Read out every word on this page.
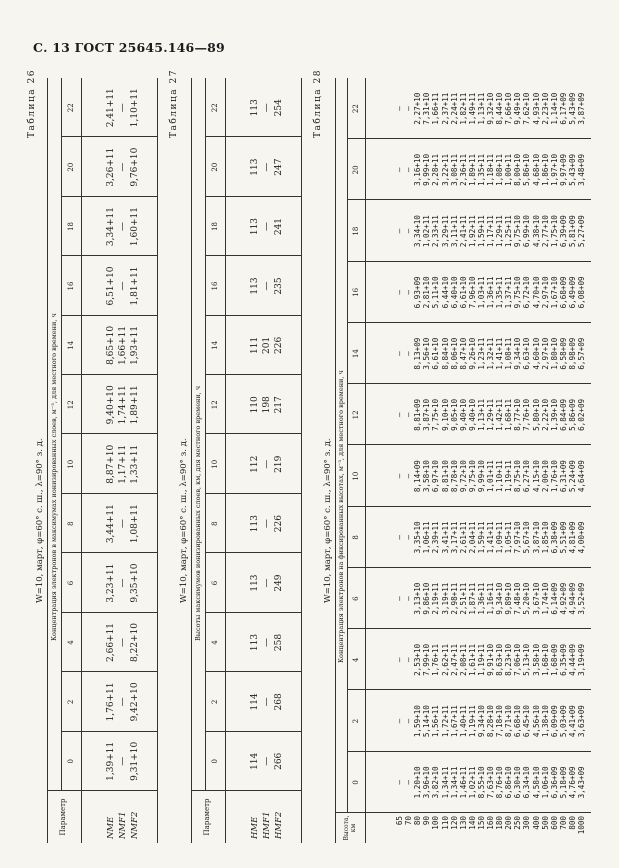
С. 13 ГОСТ 25645.146—89
Таблица 26
W=10, март, φ=60° с. ш., λ=90° з. д. Концентрация электронов в максимумах ионизированных слоев, м⁻³, для местного времени, ч
Параметр
0
2
4
6
8
10
12
14
16
18
20
22
NME
1,39+11
1,76+11
2,66+11
3,23+11
3,44+11
8,87+10
9,40+10
8,65+10
6,51+10
3,34+11
3,26+11
2,41+11
NMF1
—
—
—
—
—
1,17+11
1,74+11
1,66+11
—
—
—
—
NMF2
9,31+10
9,42+10
8,22+10
9,35+10
1,08+11
1,33+11
1,89+11
1,93+11
1,81+11
1,60+11
9,76+10
1,10+11	Таблица 27
W=10, март, φ=60° с. ш., λ=90° з. д. Высоты максимумов ионизированных слоев, км, для местного времени, ч
Параметр
0
2
4
6
8
10
12
14
16
18
20
22
HME
114
114
113
113
113
112
110
111
113
113
113
113
HMF1
—
—
—
—
—
—
198
201
—
—
—
—
HMF2
266
268
258
249
226
219
217
226
235
241
247
254	Таблица 28
W=10, март, φ=60° с. ш., λ=90° з. д. Концентрация электронов на фиксированных высотах, м⁻³, для местного времени, ч
Высота, км
0
2
4
6
8
10
12
14
16
18
20
22
65 70 80 90 100 110 120 130 140 150 160 180 200 250 300 400 500 600 700 800 1000
— — 1,20+10 3,96+10 3,82+10 1,34+11 1,34+11 1,46+11 1,02+11 8,55+10 7,63+10 8,76+10 6,86+10 6,30+10 6,34+10 4,58+10 1,06+10 6,36+09 5,18+09 4,76+09 3,43+09
— — 1,59+10 5,14+10 1,56+11 1,72+11 1,67+11 1,40+11 1,19+11 9,34+10 8,28+10 7,18+10 8,71+10 6,68+10 6,45+10 4,56+10 1,38+10 6,09+09 5,03+09 4,41+09 3,63+09
— — 2,53+10 7,99+10 1,76+11 2,62+11 2,47+11 2,08+11 1,61+11 1,19+11 9,91+10 8,63+10 8,23+10 7,06+10 5,13+10 3,58+10 1,68+10 1,68+09 6,35+09 4,44+09 3,19+09
— — 3,13+10 9,86+10 2,19+11 3,19+11 2,98+11 2,51+11 1,87+11 1,36+11 1,16+11 9,34+10 9,89+10 7,48+10 5,20+10 3,67+10 1,74+10 6,14+09 4,92+09 4,94+09 3,52+09
— — 3,35+10 1,06+11 2,39+11 3,41+11 3,17+11 2,61+11 2,04+11 1,59+11 1,41+11 1,09+11 1,05+11 7,97+10 5,67+10 3,87+10 1,85+10 6,38+09 5,51+09 4,81+09 4,00+09
— — 8,14+09 3,58+10 6,97+10 8,81+10 8,78+10 9,72+10 9,75+10 9,99+10 1,01+11 1,10+11 1,19+11 8,75+10 6,27+10 4,15+10 2,00+10 1,76+10 6,31+09 5,24+09 4,64+09
— — 8,81+09 3,87+10 7,75+10 9,10+10 9,05+10 9,40+10 9,40+10 1,13+11 1,29+11 1,42+11 1,68+11 8,77+10 7,76+10 5,80+10 2,22+10 1,39+10 6,84+09 5,86+09 6,02+09
— — 8,13+09 3,56+10 6,61+10 8,84+10 8,06+10 8,47+10 9,26+10 1,23+11 1,32+11 1,41+11 1,08+11 9,34+10 6,63+10 4,60+10 2,97+10 1,80+10 6,58+09 8,98+09 6,57+09
— — 6,93+09 2,81+10 5,11+10 6,44+10 6,40+10 6,61+10 7,96+10 1,03+11 1,36+11 1,35+11 1,37+11 9,75+10 6,72+10 4,70+10 2,97+10 1,67+10 6,68+09 6,49+09 6,08+09
— — 3,34+10 1,02+11 2,33+11 3,29+11 3,11+11 2,41+11 1,92+11 1,59+11 1,17+11 1,29+11 1,25+11 9,75+10 6,99+10 4,38+10 2,77+10 1,75+10 6,39+09 5,81+09 5,27+09
— — 3,16+10 9,99+10 2,28+11 3,22+11 3,08+11 2,36+11 1,89+11 1,35+11 1,18+11 1,08+11 1,00+11 8,00+10 5,86+10 4,68+10 1,86+10 1,97+10 9,97+09 5,43+09 3,48+09
— — 2,27+10 7,31+10 1,66+11 2,37+11 2,24+11 1,82+11 1,49+11 1,13+11 9,32+10 8,44+10 7,66+10 9,49+10 7,62+10 4,93+10 2,23+10 1,14+10 6,17+09 5,43+09 3,87+09
